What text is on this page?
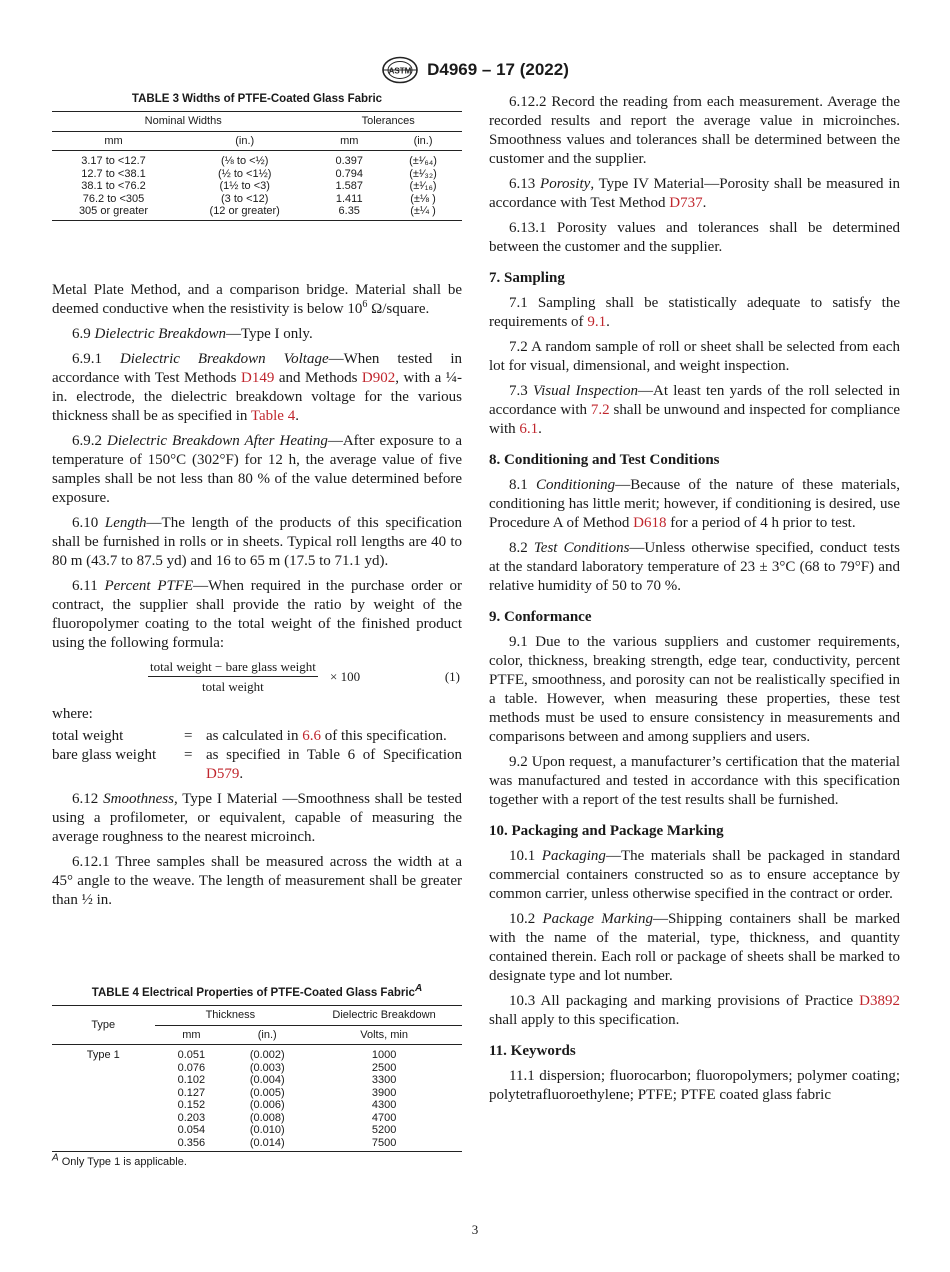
ASTM D4969 – 17 (2022)
TABLE 3 Widths of PTFE-Coated Glass Fabric
Nominal Widths		Tolerances	
mm	(in.)	mm	(in.)
3.17 to <12.7	(⅛ to <½)	0.397	(±¹⁄₆₄)
12.7 to <38.1	(½ to <1½)	0.794	(±¹⁄₃₂)
38.1 to <76.2	(1½ to <3)	1.587	(±¹⁄₁₆)
76.2 to <305	(3 to <12)	1.411	(±⅛ )
305 or greater	(12 or greater)	6.35	(±¼ )

Metal Plate Method, and a comparison bridge. Material shall be deemed conductive when the resistivity is below $10^6$ Ω/square.

6.9 Dielectric Breakdown—Type I only.

6.9.1 Dielectric Breakdown Voltage—When tested in accordance with Test Methods D149 and Methods D902, with a ¼-in. electrode, the dielectric breakdown voltage for the various thickness shall be as specified in Table 4.

6.9.2 Dielectric Breakdown After Heating—After exposure to a temperature of 150°C (302°F) for 12 h, the average value of five samples shall be not less than 80 % of the value determined before exposure.

6.10 Length—The length of the products of this specification shall be furnished in rolls or in sheets. Typical roll lengths are 40 to 80 m (43.7 to 87.5 yd) and 16 to 65 m (17.5 to 71.1 yd).

6.11 Percent PTFE—When required in the purchase order or contract, the supplier shall provide the ratio by weight of the fluoropolymer coating to the total weight of the finished product using the following formula:

total weight − bare glass weight
total weight
× 100	(1)
where:
total weight	= as calculated in 6.6 of this specification.
bare glass weight	= as specified in Table 6 of Specification D579.

6.12 Smoothness, Type I Material —Smoothness shall be tested using a profilometer, or equivalent, capable of measuring the average roughness to the nearest microinch.

6.12.1 Three samples shall be measured across the width at a 45° angle to the weave. The length of measurement shall be greater than ½ in.

TABLE 4 Electrical Properties of PTFE-Coated Glass Fabric$^A$
Type	Thickness		Dielectric Breakdown
	mm	(in.)	Volts, min
Type 1	0.051	(0.002)	1000
	0.076	(0.003)	2500
	0.102	(0.004)	3300
	0.127	(0.005)	3900
	0.152	(0.006)	4300
	0.203	(0.008)	4700
	0.054	(0.010)	5200
	0.356	(0.014)	7500

$^A$ Only Type 1 is applicable.

6.12.2 Record the reading from each measurement. Average the recorded results and report the average value in microinches. Smoothness values and tolerances shall be determined between the customer and the supplier.

6.13 Porosity, Type IV Material—Porosity shall be measured in accordance with Test Method D737.

6.13.1 Porosity values and tolerances shall be determined between the customer and the supplier.

7. Sampling

7.1 Sampling shall be statistically adequate to satisfy the requirements of 9.1.

7.2 A random sample of roll or sheet shall be selected from each lot for visual, dimensional, and weight inspection.

7.3 Visual Inspection—At least ten yards of the roll selected in accordance with 7.2 shall be unwound and inspected for compliance with 6.1.

8. Conditioning and Test Conditions

8.1 Conditioning—Because of the nature of these materials, conditioning has little merit; however, if conditioning is desired, use Procedure A of Method D618 for a period of 4 h prior to test.

8.2 Test Conditions—Unless otherwise specified, conduct tests at the standard laboratory temperature of 23 ± 3°C (68 to 79°F) and relative humidity of 50 to 70 %.

9. Conformance

9.1 Due to the various suppliers and customer requirements, color, thickness, breaking strength, edge tear, conductivity, percent PTFE, smoothness, and porosity can not be realistically specified in a table. However, when measuring these properties, these test methods must be used to ensure consistency in measurements and comparisons between and among suppliers and users.

9.2 Upon request, a manufacturer’s certification that the material was manufactured and tested in accordance with this specification together with a report of the test results shall be furnished.

10. Packaging and Package Marking

10.1 Packaging—The materials shall be packaged in standard commercial containers constructed so as to ensure acceptance by common carrier, unless otherwise specified in the contract or order.

10.2 Package Marking—Shipping containers shall be marked with the name of the material, type, thickness, and quantity contained therein. Each roll or package of sheets shall be marked to designate type and lot number.

10.3 All packaging and marking provisions of Practice D3892 shall apply to this specification.

11. Keywords

11.1 dispersion; fluorocarbon; fluoropolymers; polymer coating; polytetrafluoroethylene; PTFE; PTFE coated glass fabric

3
